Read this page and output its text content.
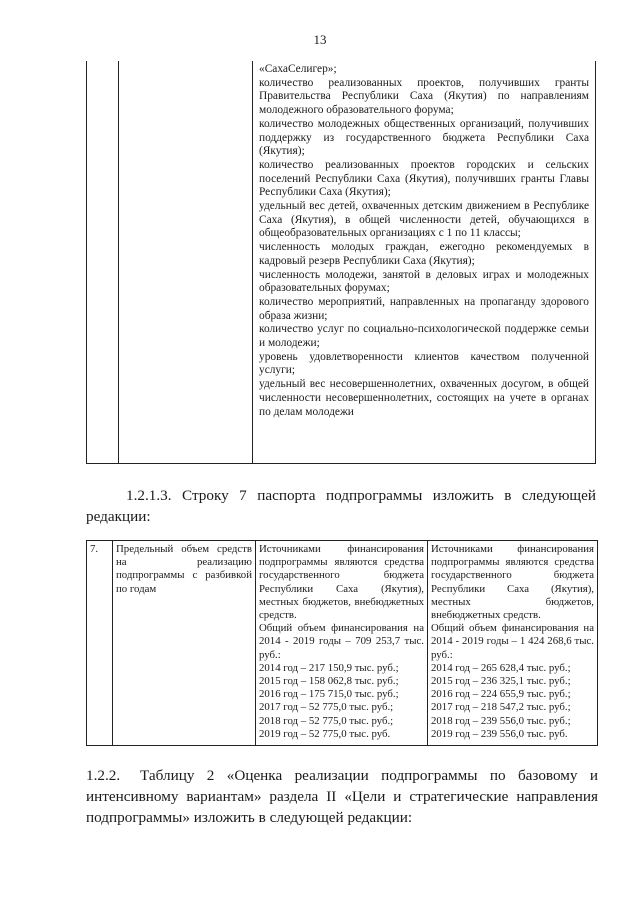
13

«СахаСелигер»;

количество реализованных проектов, получивших гранты Правительства Республики Саха (Якутия) по направлениям молодежного образовательного форума;

количество молодежных общественных организаций, получивших поддержку из государственного бюджета Республики Саха (Якутия);

количество реализованных проектов городских и сельских поселений Республики Саха (Якутия), получивших гранты Главы Республики Саха (Якутия);

удельный вес детей, охваченных детским движением в Республике Саха (Якутия), в общей численности детей, обучающихся в общеобразовательных организациях с 1 по 11 классы;

численность молодых граждан, ежегодно рекомендуемых в кадровый резерв Республики Саха (Якутия);

численность молодежи, занятой в деловых играх и молодежных образовательных форумах;

количество мероприятий, направленных на пропаганду здорового образа жизни;

количество услуг по социально-психологической поддержке семьи и молодежи;

уровень удовлетворенности клиентов качеством полученной услуги;

удельный вес несовершеннолетних, охваченных досугом, в общей численности несовершеннолетних, состоящих на учете в органах по делам молодежи

1.2.1.3. Строку 7 паспорта подпрограммы изложить в следующей редакции:

7.	Предельный объем средств на реализацию подпрограммы с разбивкой по годам

Источниками финансирования подпрограммы являются средства государственного бюджета Республики Саха (Якутия), местных бюджетов, внебюджетных средств.

Общий объем финансирования на 2014 - 2019 годы – 709 253,7 тыс. руб.:

2014 год – 217 150,9 тыс. руб.;

2015 год – 158 062,8 тыс. руб.;

2016 год – 175 715,0 тыс. руб.;

2017 год – 52 775,0 тыс. руб.;

2018 год – 52 775,0 тыс. руб.;

2019 год – 52 775,0 тыс. руб.

Источниками финансирования подпрограммы являются средства государственного бюджета Республики Саха (Якутия), местных бюджетов, внебюджетных средств.

Общий объем финансирования на 2014 - 2019 годы – 1 424 268,6 тыс. руб.:

2014 год – 265 628,4 тыс. руб.;

2015 год – 236 325,1 тыс. руб.;

2016 год – 224 655,9 тыс. руб.;

2017 год – 218 547,2 тыс. руб.;

2018 год – 239 556,0 тыс. руб.;

2019 год – 239 556,0 тыс. руб.

1.2.2. Таблицу 2 «Оценка реализации подпрограммы по базовому и интенсивному вариантам» раздела II «Цели и стратегические направления подпрограммы» изложить в следующей редакции:
